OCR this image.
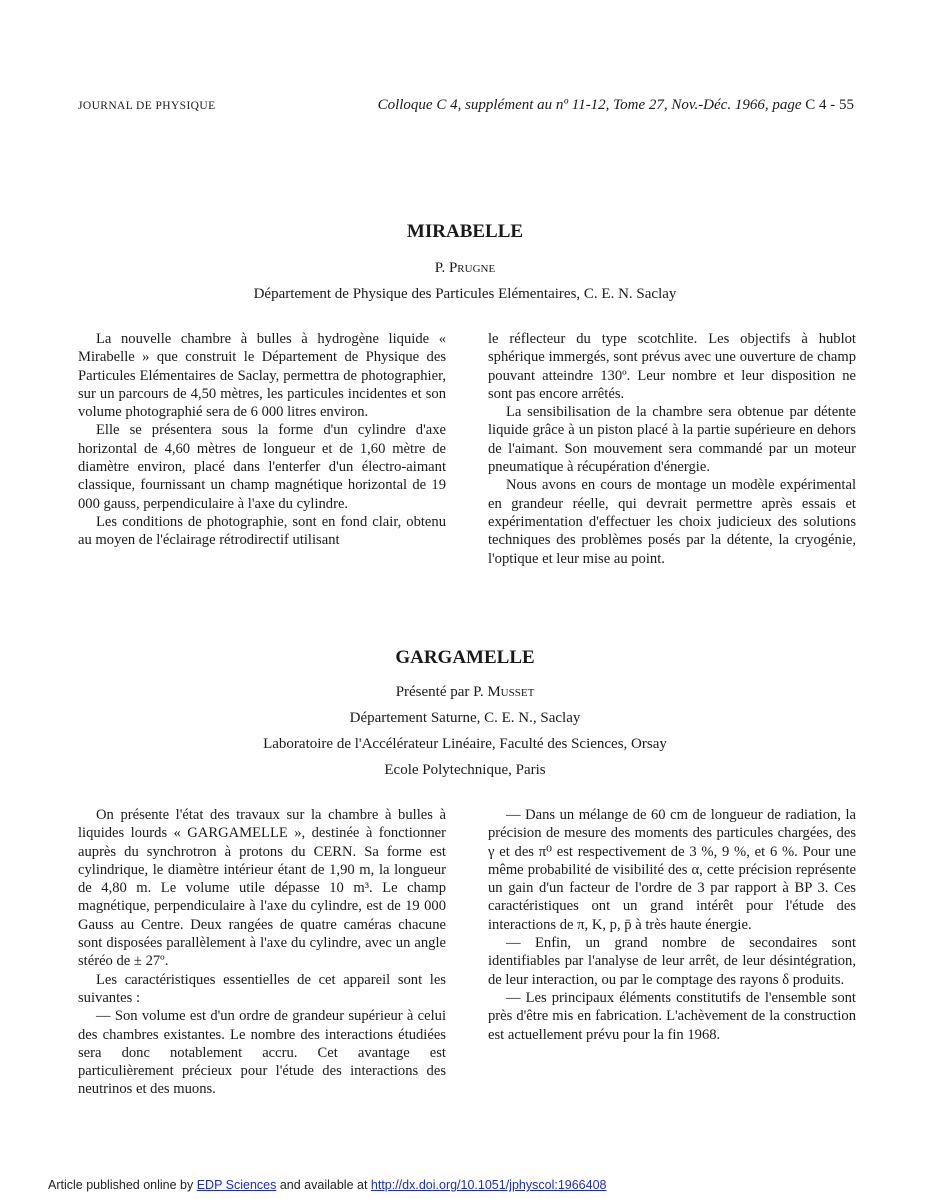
JOURNAL DE PHYSIQUE	Colloque C 4, supplément au nº 11-12, Tome 27, Nov.-Déc. 1966, page C 4 - 55
MIRABELLE
P. Prugne
Département de Physique des Particules Elémentaires, C. E. N. Saclay

La nouvelle chambre à bulles à hydrogène liquide « Mirabelle » que construit le Département de Physique des Particules Elémentaires de Saclay, permettra de photographier, sur un parcours de 4,50 mètres, les particules incidentes et son volume photographié sera de 6 000 litres environ.

Elle se présentera sous la forme d'un cylindre d'axe horizontal de 4,60 mètres de longueur et de 1,60 mètre de diamètre environ, placé dans l'enterfer d'un électro-aimant classique, fournissant un champ magnétique horizontal de 19 000 gauss, perpendiculaire à l'axe du cylindre.

Les conditions de photographie, sont en fond clair, obtenu au moyen de l'éclairage rétrodirectif utilisant

le réflecteur du type scotchlite. Les objectifs à hublot sphérique immergés, sont prévus avec une ouverture de champ pouvant atteindre 130º. Leur nombre et leur disposition ne sont pas encore arrêtés.

La sensibilisation de la chambre sera obtenue par détente liquide grâce à un piston placé à la partie supérieure en dehors de l'aimant. Son mouvement sera commandé par un moteur pneumatique à récupération d'énergie.

Nous avons en cours de montage un modèle expérimental en grandeur réelle, qui devrait permettre après essais et expérimentation d'effectuer les choix judicieux des solutions techniques des problèmes posés par la détente, la cryogénie, l'optique et leur mise au point.

GARGAMELLE
Présenté par P. Musset
Département Saturne, C. E. N., Saclay
Laboratoire de l'Accélérateur Linéaire, Faculté des Sciences, Orsay
Ecole Polytechnique, Paris

On présente l'état des travaux sur la chambre à bulles à liquides lourds « GARGAMELLE », destinée à fonctionner auprès du synchrotron à protons du CERN. Sa forme est cylindrique, le diamètre intérieur étant de 1,90 m, la longueur de 4,80 m. Le volume utile dépasse 10 m³. Le champ magnétique, perpendiculaire à l'axe du cylindre, est de 19 000 Gauss au Centre. Deux rangées de quatre caméras chacune sont disposées parallèlement à l'axe du cylindre, avec un angle stéréo de ± 27º.

Les caractéristiques essentielles de cet appareil sont les suivantes :

— Son volume est d'un ordre de grandeur supérieur à celui des chambres existantes. Le nombre des interactions étudiées sera donc notablement accru. Cet avantage est particulièrement précieux pour l'étude des interactions des neutrinos et des muons.

— Dans un mélange de 60 cm de longueur de radiation, la précision de mesure des moments des particules chargées, des γ et des π⁰ est respectivement de 3 %, 9 %, et 6 %. Pour une même probabilité de visibilité des α, cette précision représente un gain d'un facteur de l'ordre de 3 par rapport à BP 3. Ces caractéristiques ont un grand intérêt pour l'étude des interactions de π, K, p, p̄ à très haute énergie.

— Enfin, un grand nombre de secondaires sont identifiables par l'analyse de leur arrêt, de leur désintégration, de leur interaction, ou par le comptage des rayons δ produits.

— Les principaux éléments constitutifs de l'ensemble sont près d'être mis en fabrication. L'achèvement de la construction est actuellement prévu pour la fin 1968.

Article published online by EDP Sciences and available at http://dx.doi.org/10.1051/jphyscol:1966408
